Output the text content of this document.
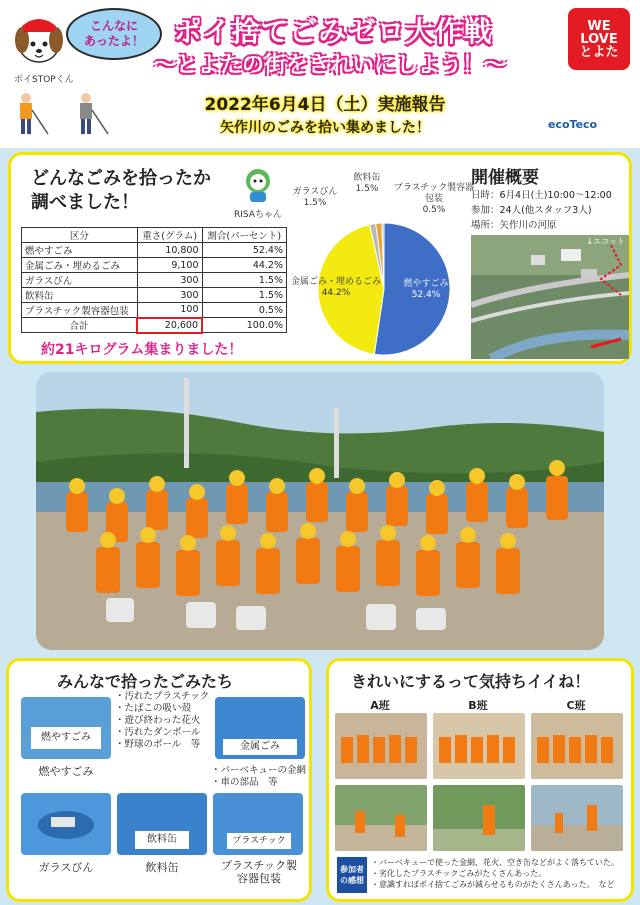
こんなに
あったよ！
ポイSTOPくん
ポイ捨てごみゼロ大作戦
～とよたの街をきれいにしよう！～
2022年6月4日（土）実施報告
矢作川のごみを拾い集めました！
WE
LOVE
とよた
ecoTeco
どんなごみを拾ったか
調べました！
RISAちゃん
区分	重さ(グラム)	割合(パーセント)
燃やすごみ	10,800	52.4%
金属ごみ・埋めるごみ	9,100	44.2%
ガラスびん	300	1.5%
飲料缶	300	1.5%
プラスチック製容器包装	100	0.5%
合計	20,600	100.0%
約21キログラム集まりました！
燃やすごみ
52.4%
金属ごみ・埋めるごみ
44.2%
ガラスびん
1.5%
飲料缶
1.5%	プラスチック製容器
包装
0.5%
開催概要
日時：6月4日(土)10:00～12:00
参加：24人(他スタッフ3人)
場所：矢作川の河原
↓エコット
みんなで拾ったごみたち
燃やすごみ
燃やすごみ
・汚れたプラスチック
・たばこの吸い殻
・遊び終わった花火
・汚れたダンボール
・野球のボール　等	金属ごみ
・バーベキューの金網
・車の部品　等
ガラスびん
飲料缶
飲料缶
プラスチック
プラスチック製
容器包装
きれいにするって気持ちイイね！
A班	B班	C班
参加者
の感想
・バーベキューで使った金網、花火、空き缶などがよく落ちていた。
・劣化したプラスチックごみがたくさんあった。
・意識すればポイ捨てごみが減らせるものがたくさんあった。　など
